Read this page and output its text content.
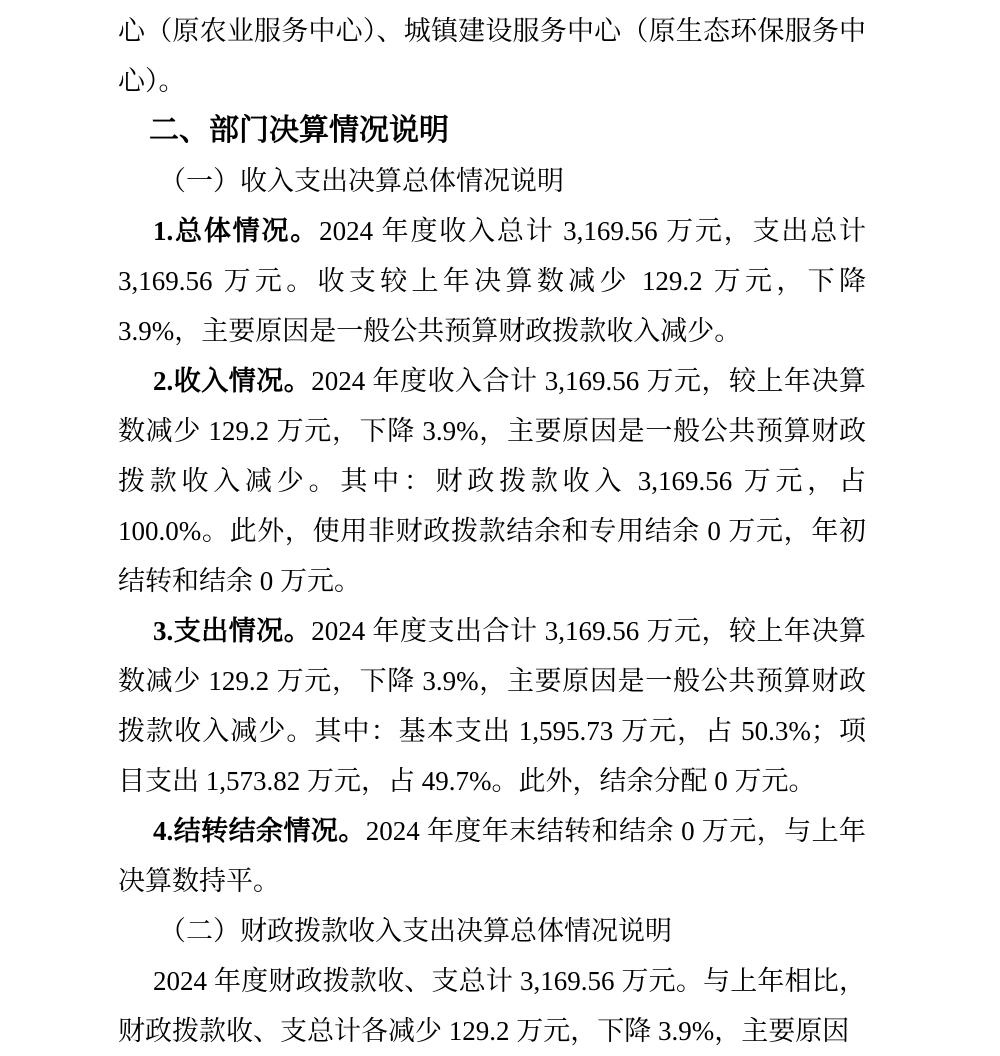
心（原农业服务中心）、城镇建设服务中心（原生态环保服务中心）。

二、部门决算情况说明

（一）收入支出决算总体情况说明

1.总体情况。2024 年度收入总计 3,169.56 万元，支出总计 3,169.56 万元。收支较上年决算数减少 129.2 万元，下降 3.9%，主要原因是一般公共预算财政拨款收入减少。

2.收入情况。2024 年度收入合计 3,169.56 万元，较上年决算数减少 129.2 万元，下降 3.9%，主要原因是一般公共预算财政拨款收入减少。其中：财政拨款收入 3,169.56 万元，占 100.0%。此外，使用非财政拨款结余和专用结余 0 万元，年初结转和结余 0 万元。

3.支出情况。2024 年度支出合计 3,169.56 万元，较上年决算数减少 129.2 万元，下降 3.9%，主要原因是一般公共预算财政拨款收入减少。其中：基本支出 1,595.73 万元，占 50.3%；项目支出 1,573.82 万元，占 49.7%。此外，结余分配 0 万元。

4.结转结余情况。2024 年度年末结转和结余 0 万元，与上年决算数持平。

（二）财政拨款收入支出决算总体情况说明

2024 年度财政拨款收、支总计 3,169.56 万元。与上年相比，财政拨款收、支总计各减少 129.2 万元，下降 3.9%，主要原因
